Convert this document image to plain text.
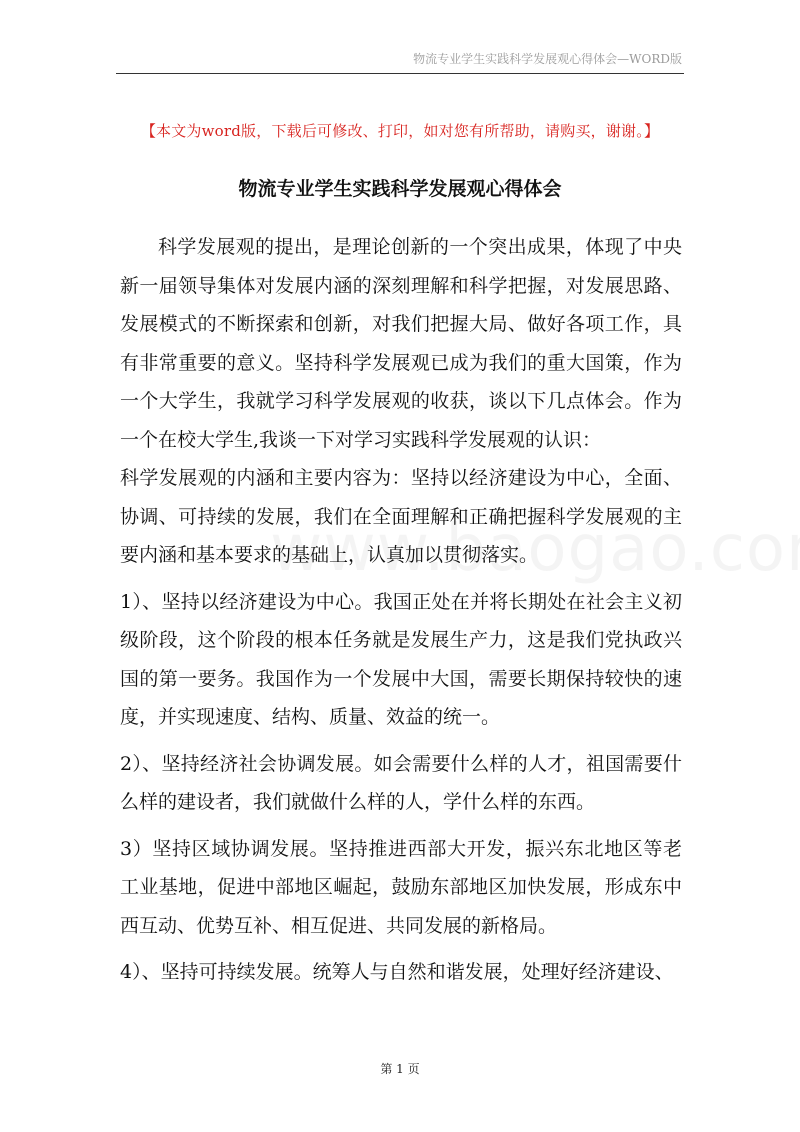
物流专业学生实践科学发展观心得体会—WORD版
【本文为word版，下载后可修改、打印，如对您有所帮助，请购买，谢谢。】
物流专业学生实践科学发展观心得体会

科学发展观的提出，是理论创新的一个突出成果，体现了中央新一届领导集体对发展内涵的深刻理解和科学把握，对发展思路、发展模式的不断探索和创新，对我们把握大局、做好各项工作，具有非常重要的意义。坚持科学发展观已成为我们的重大国策，作为一个大学生，我就学习科学发展观的收获，谈以下几点体会。作为一个在校大学生,我谈一下对学习实践科学发展观的认识：

科学发展观的内涵和主要内容为：坚持以经济建设为中心，全面、协调、可持续的发展，我们在全面理解和正确把握科学发展观的主要内涵和基本要求的基础上，认真加以贯彻落实。

1）、坚持以经济建设为中心。我国正处在并将长期处在社会主义初级阶段，这个阶段的根本任务就是发展生产力，这是我们党执政兴国的第一要务。我国作为一个发展中大国，需要长期保持较快的速度，并实现速度、结构、质量、效益的统一。

2）、坚持经济社会协调发展。如会需要什么样的人才，祖国需要什么样的建设者，我们就做什么样的人，学什么样的东西。

3）坚持区域协调发展。坚持推进西部大开发，振兴东北地区等老工业基地，促进中部地区崛起，鼓励东部地区加快发展，形成东中西互动、优势互补、相互促进、共同发展的新格局。

4）、坚持可持续发展。统筹人与自然和谐发展，处理好经济建设、

第 1 页
